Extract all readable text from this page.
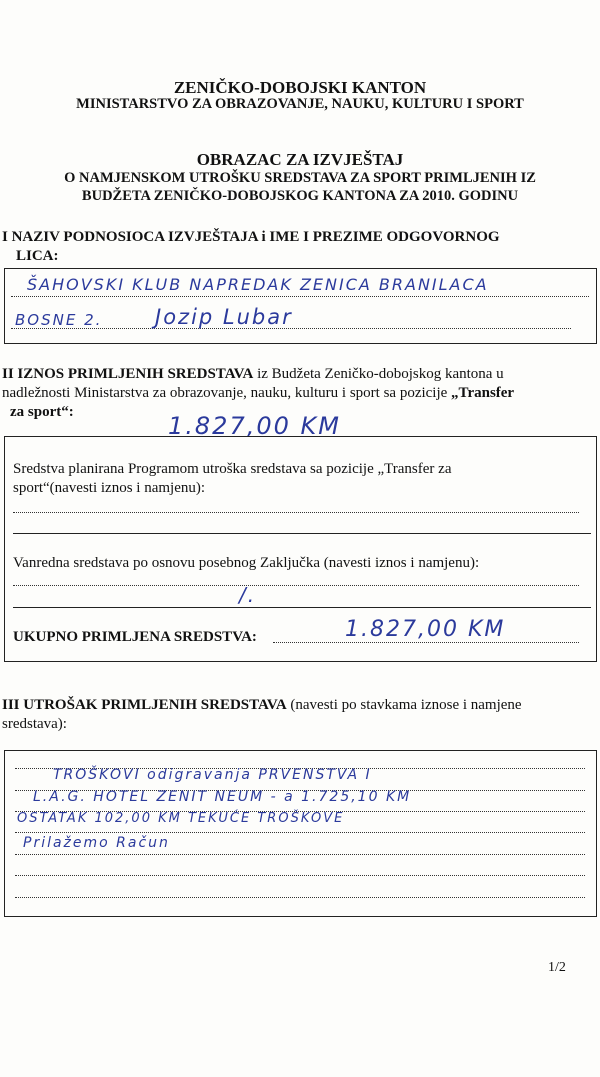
ZENIČKO-DOBOJSKI KANTON
MINISTARSTVO ZA OBRAZOVANJE, NAUKU, KULTURU I SPORT
OBRAZAC ZA IZVJEŠTAJ
O NAMJENSKOM UTROŠKU SREDSTAVA ZA SPORT PRIMLJENIH IZ
BUDŽETA ZENIČKO-DOBOJSKOG KANTONA ZA 2010. GODINU
I NAZIV PODNOSIOCA IZVJEŠTAJA i IME I PREZIME ODGOVORNOG
LICA:
ŠAHOVSKI KLUB NAPREDAK ZENICA BRANILACA
BOSNE 2.	Jozip Lubar
II IZNOS PRIMLJENIH SREDSTAVA iz Budžeta Zeničko-dobojskog kantona u
nadležnosti Ministarstva za obrazovanje, nauku, kulturu i sport sa pozicije „Transfer
za sport“:	1.827,00 KM
Sredstva planirana Programom utroška sredstava sa pozicije „Transfer za
sport“(navesti iznos i namjenu):
Vanredna sredstava po osnovu posebnog Zaključka (navesti iznos i namjenu):
/.
UKUPNO PRIMLJENA SREDSTVA:	1.827,00 KM
III UTROŠAK PRIMLJENIH SREDSTAVA (navesti po stavkama iznose i namjene
sredstava):
TROŠKOVI odigravanja PRVENSTVA I
L.A.G. HOTEL ZENIT NEUM - a 1.725,10 KM
OSTATAK 102,00 KM TEKUĆE TROŠKOVE
Prilažemo Račun
1/2
